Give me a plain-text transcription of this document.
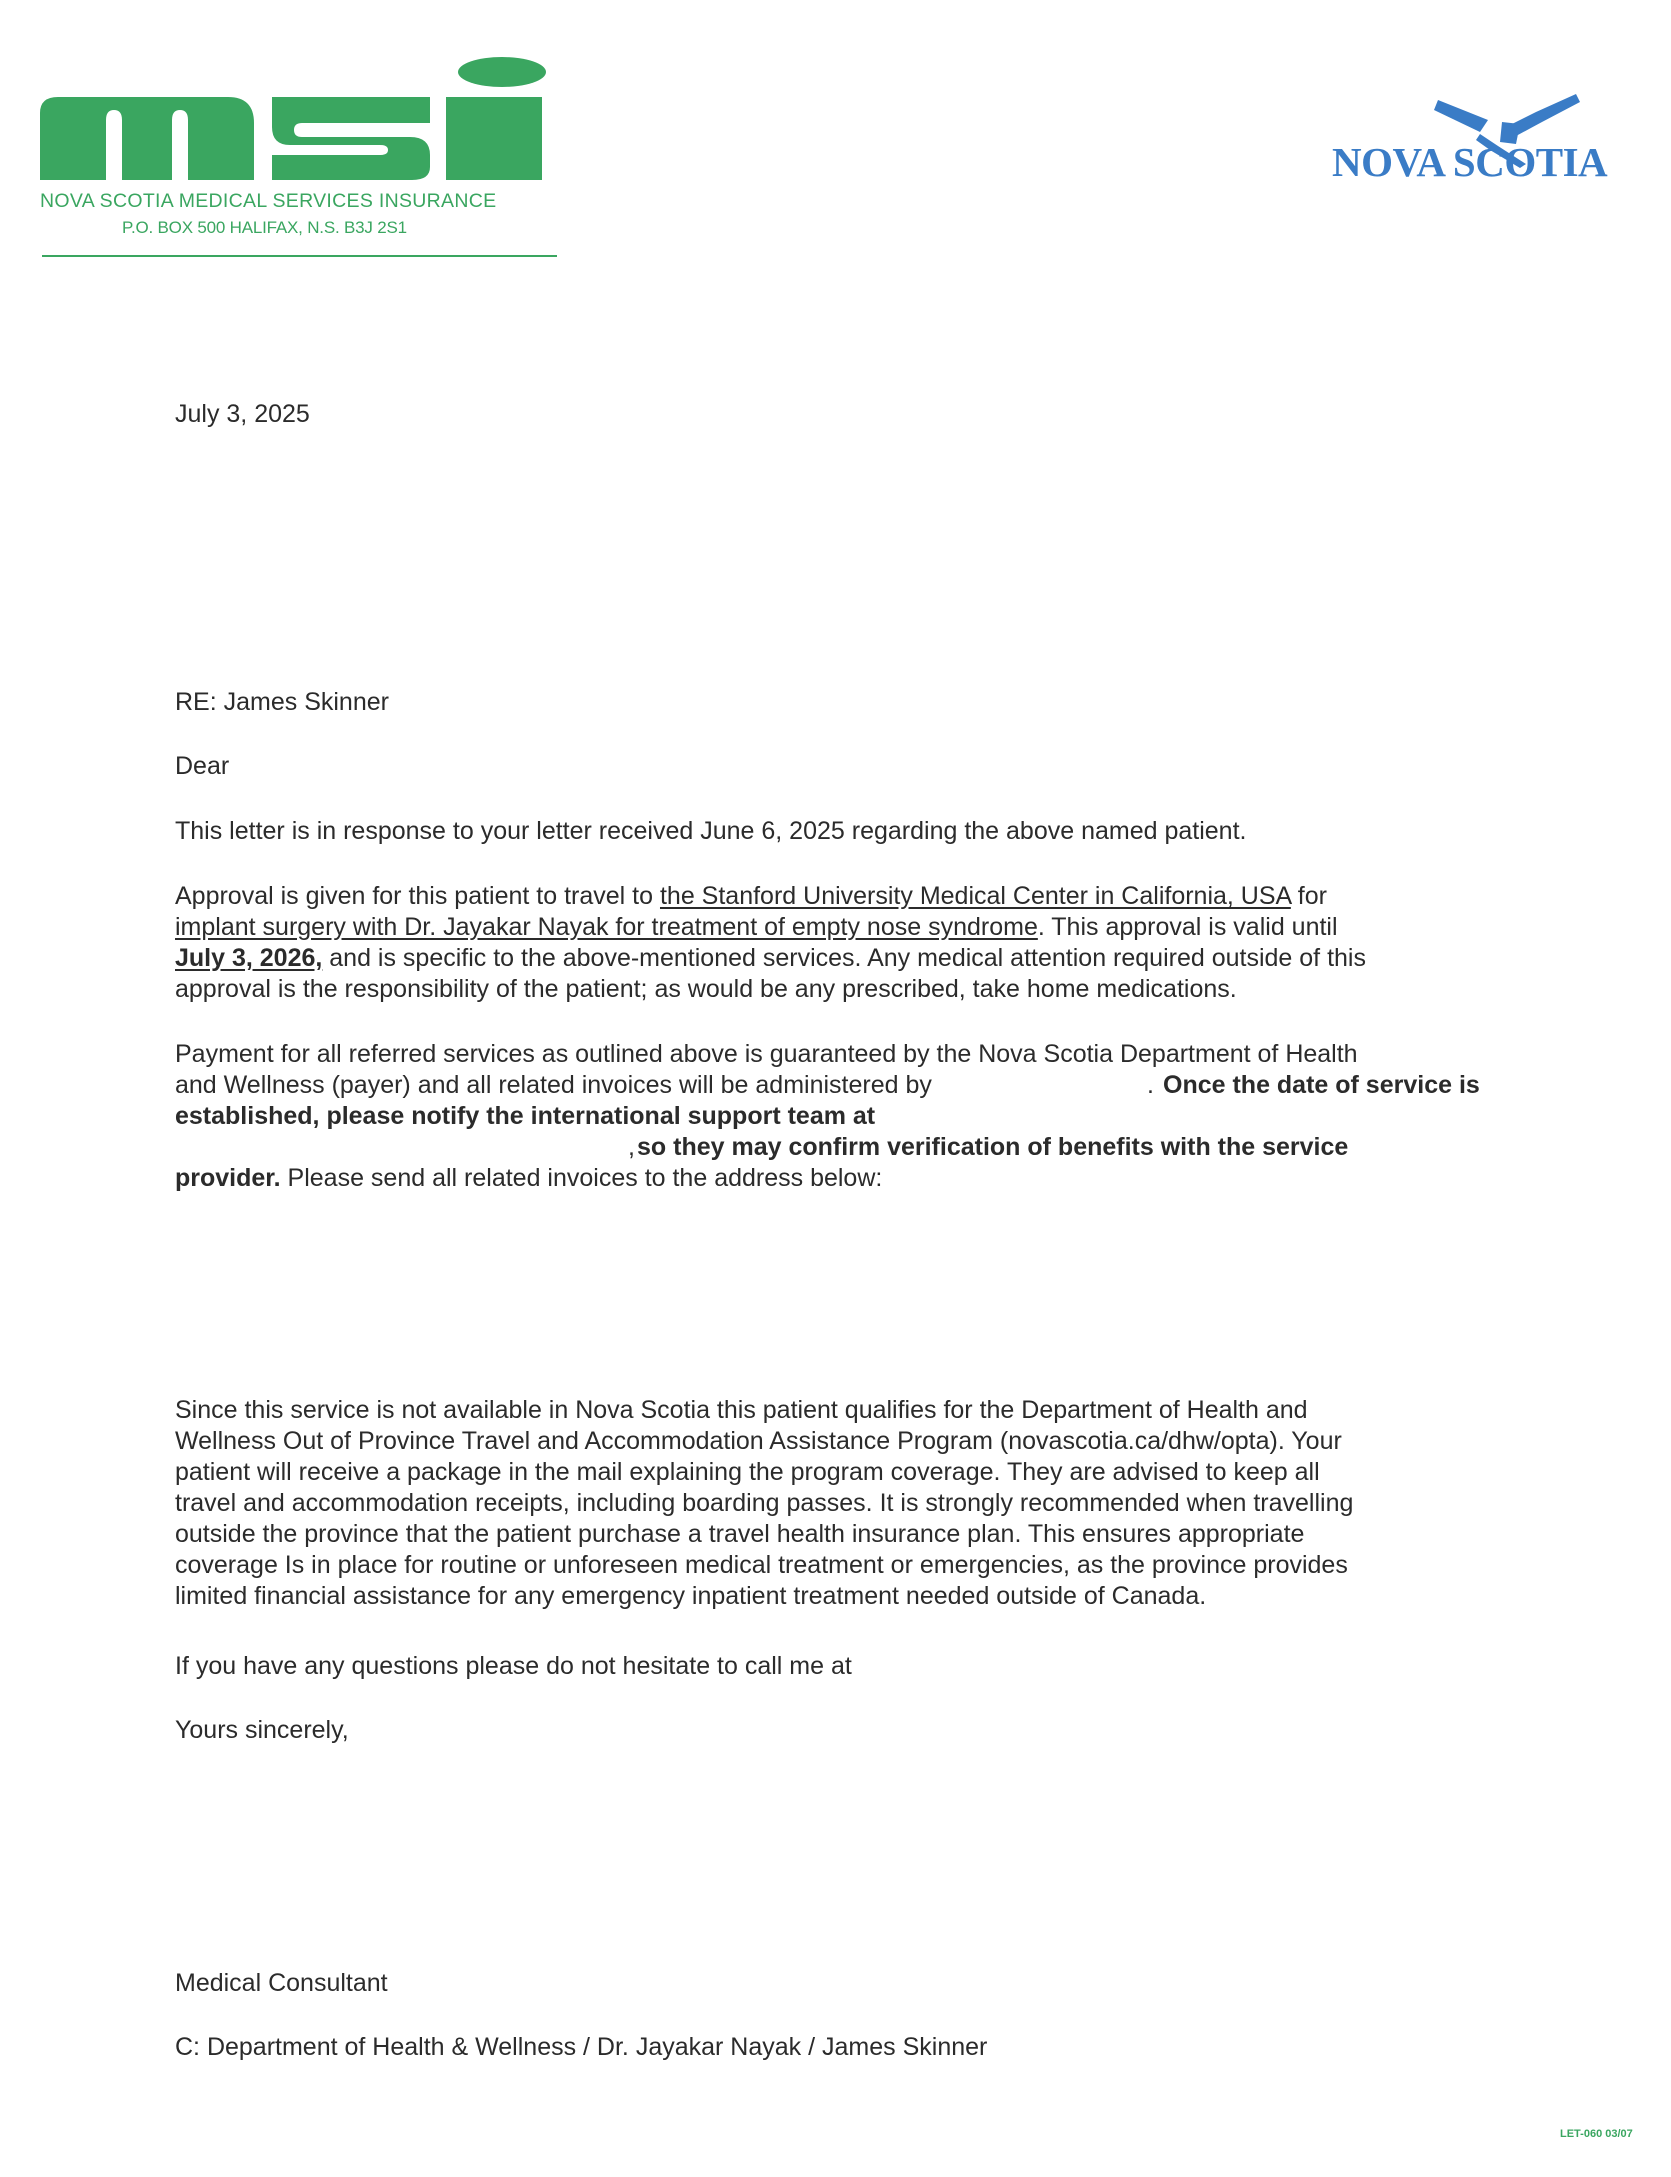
NOVA SCOTIA MEDICAL SERVICES INSURANCE
P.O. BOX 500 HALIFAX, N.S. B3J 2S1
NOVA SCOTIA
July 3, 2025
RE: James Skinner
Dear
This letter is in response to your letter received June 6, 2025 regarding the above named patient.
Approval is given for this patient to travel to the Stanford University Medical Center in California, USA for
implant surgery with Dr. Jayakar Nayak for treatment of empty nose syndrome. This approval is valid until
July 3, 2026, and is specific to the above-mentioned services. Any medical attention required outside of this
approval is the responsibility of the patient; as would be any prescribed, take home medications.
Payment for all referred services as outlined above is guaranteed by the Nova Scotia Department of Health
and Wellness (payer) and all related invoices will be administered by	. Once the date of service is
established, please notify the international support team at
, so they may confirm verification of benefits with the service
provider. Please send all related invoices to the address below:
Since this service is not available in Nova Scotia this patient qualifies for the Department of Health and
Wellness Out of Province Travel and Accommodation Assistance Program (novascotia.ca/dhw/opta). Your
patient will receive a package in the mail explaining the program coverage. They are advised to keep all
travel and accommodation receipts, including boarding passes. It is strongly recommended when travelling
outside the province that the patient purchase a travel health insurance plan. This ensures appropriate
coverage Is in place for routine or unforeseen medical treatment or emergencies, as the province provides
limited financial assistance for any emergency inpatient treatment needed outside of Canada.
If you have any questions please do not hesitate to call me at
Yours sincerely,
Medical Consultant
C: Department of Health & Wellness / Dr. Jayakar Nayak / James Skinner
LET-060 03/07
